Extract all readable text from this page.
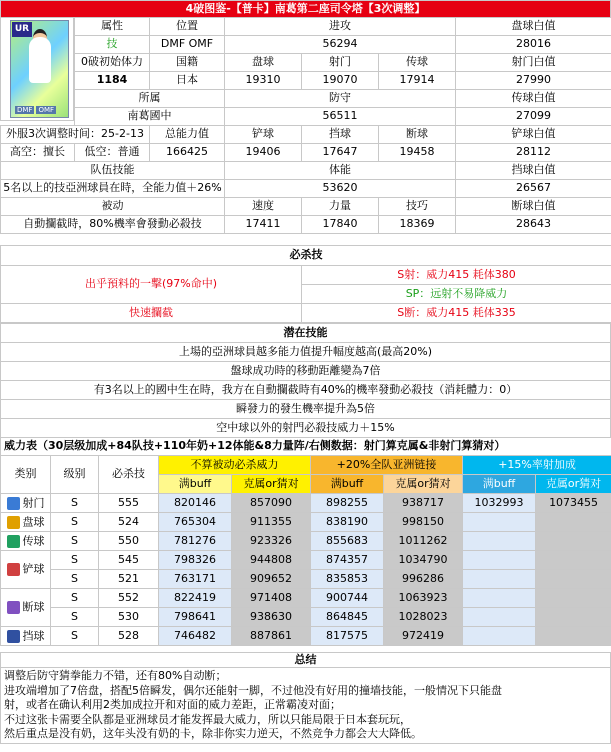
4破图鉴-【普卡】南葛第二座司令塔【3次调整】
UR
DMF OMF
属性	位置	进攻			盘球白值
技	DMF OMF	56294			28016
0破初始体力	国籍	盘球	射门	传球	射门白值
1184	日本	19310	19070	17914	27990
所属		防守			传球白值
南葛國中		56511			27099
外服3次调整时间：25-2-13		总能力值	铲球	挡球	断球	铲球白值
高空：擅长	低空：普通	166425	19406	17647	19458	28112
队伍技能			体能			挡球白值
5名以上的技亞洲球員在時，全能力值＋26%			53620			26567
被动			速度	力量	技巧	断球白值
自動攔截時，80%機率會發動必殺技			17411	17840	18369	28643
必杀技	
出乎預料的一擊(97%命中)	S射：威力415 耗体380
	SP：远射不易降威力
快速攔截	S断：威力415 耗体335
潜在技能
上場的亞洲球員越多能力值提升幅度越高(最高20%)
盤球成功時的移動距離變為7倍
有3名以上的國中生在時，我方在自動攔截時有40%的機率發動必殺技（消耗體力：0）
瞬發力的發生機率提升為5倍
空中球以外的射門必殺技威力＋15%
威力表（30层级加成+84队技+110年奶+12体能&8力量阵/右侧数据：射门算克属&非射门算猜对）								
类别	级别	必杀技	不算被动必杀威力		+20%全队亚洲链接		+15%率射加成	
			满buff	克属or猜对	满buff	克属or猜对	满buff	克属or猜对
射门	S	555	820146	857090	898255	938717	1032993	1073455
盘球	S	524	765304	911355	838190	998150		
传球	S	550	781276	923326	855683	1011262		
铲球	S	545	798326	944808	874357	1034790		
	S	521	763171	909652	835853	996286		
断球	S	552	822419	971408	900744	1063923		
	S	530	798641	938630	864845	1028023		
挡球	S	528	746482	887861	817575	972419		
总结

调整后防守猜拳能力不错，还有80%自动断；
进攻端增加了7倍盘，搭配5倍瞬发，偶尔还能射一脚，不过他没有好用的撞墙技能，一般情况下只能盘
射，或者在确认利用2类加成拉开和对面的威力差距，正常霸凌对面；
不过这张卡需要全队都是亚洲球员才能发挥最大威力，所以只能局限于日本套玩玩，
然后重点是没有奶，这年头没有奶的卡，除非你实力逆天，不然竞争力都会大大降低。
